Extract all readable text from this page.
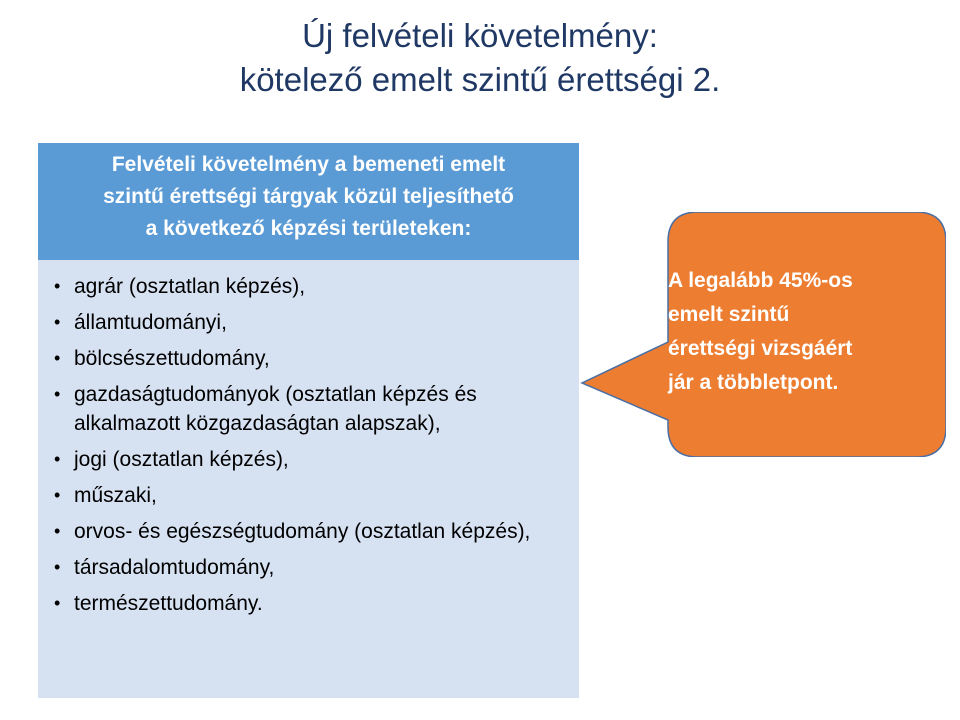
Új felvételi követelmény:
kötelező emelt szintű érettségi 2.
Felvételi követelmény a bemeneti emelt
szintű érettségi tárgyak közül teljesíthető
a következő képzési területeken:
• agrár (osztatlan képzés),
• államtudományi,
• bölcsészettudomány,
• gazdaságtudományok (osztatlan képzés és alkalmazott közgazdaságtan alapszak),
• jogi (osztatlan képzés),
• műszaki,
• orvos- és egészségtudomány (osztatlan képzés),
• társadalomtudomány,
• természettudomány.
A legalább 45%-os
emelt szintű
érettségi vizsgáért
jár a többletpont.
